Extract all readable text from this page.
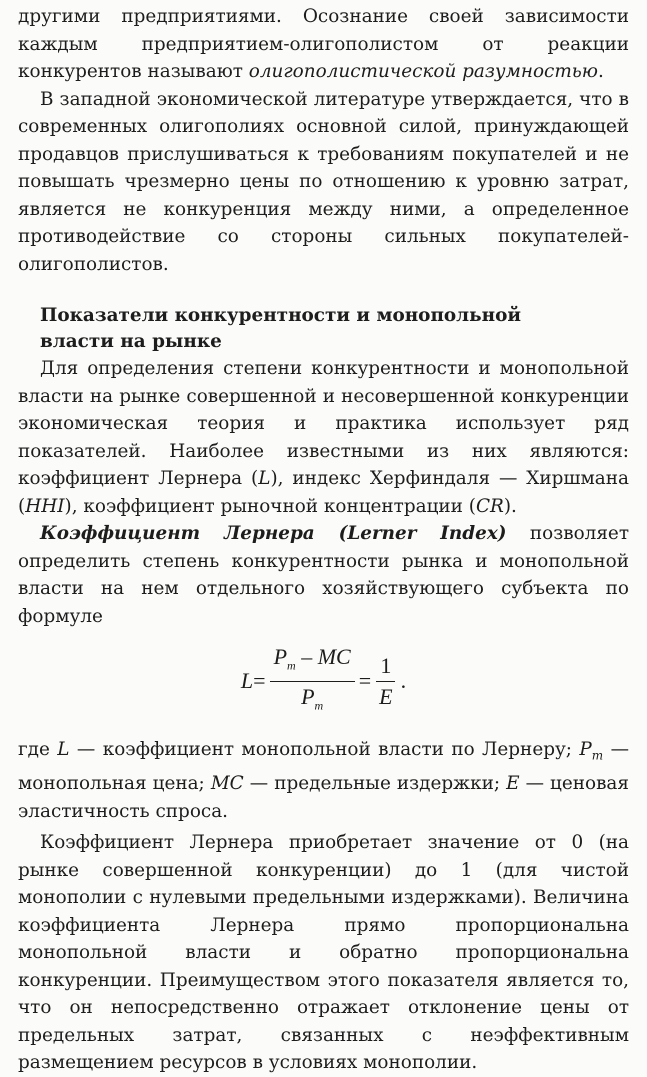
другими предприятиями. Осознание своей зависимости каждым предприятием-олигополистом от реакции конкурентов называют олигополистической разумностью.

В западной экономической литературе утверждается, что в современных олигополиях основной силой, принуждающей продавцов прислушиваться к требованиям покупателей и не повышать чрезмерно цены по отношению к уровню затрат, является не конкуренция между ними, а определенное противодействие со стороны сильных покупателей-олигополистов.

Показатели конкурентности и монопольной власти на рынке

Для определения степени конкурентности и монопольной власти на рынке совершенной и несовершенной конкуренции экономическая теория и практика использует ряд показателей. Наиболее известными из них являются: коэффициент Лернера (L), индекс Херфиндаля — Хиршмана (HHI), коэффициент рыночной концентрации (CR).

Коэффициент Лернера (Lerner Index) позволяет определить степень конкурентности рынка и монопольной власти на нем отдельного хозяйствующего субъекта по формуле

$L = \frac{P_m - MC}{P_m} = \frac{1}{E}$ .

где L — коэффициент монопольной власти по Лернеру; $P_m$ — монопольная цена; MC — предельные издержки; E — ценовая эластичность спроса.

Коэффициент Лернера приобретает значение от 0 (на рынке совершенной конкуренции) до 1 (для чистой монополии с нулевыми предельными издержками). Величина коэффициента Лернера прямо пропорциональна монопольной власти и обратно пропорциональна конкуренции. Преимуществом этого показателя является то, что он непосредственно отражает отклонение цены от предельных затрат, связанных с неэффективным размещением ресурсов в условиях монополии.
